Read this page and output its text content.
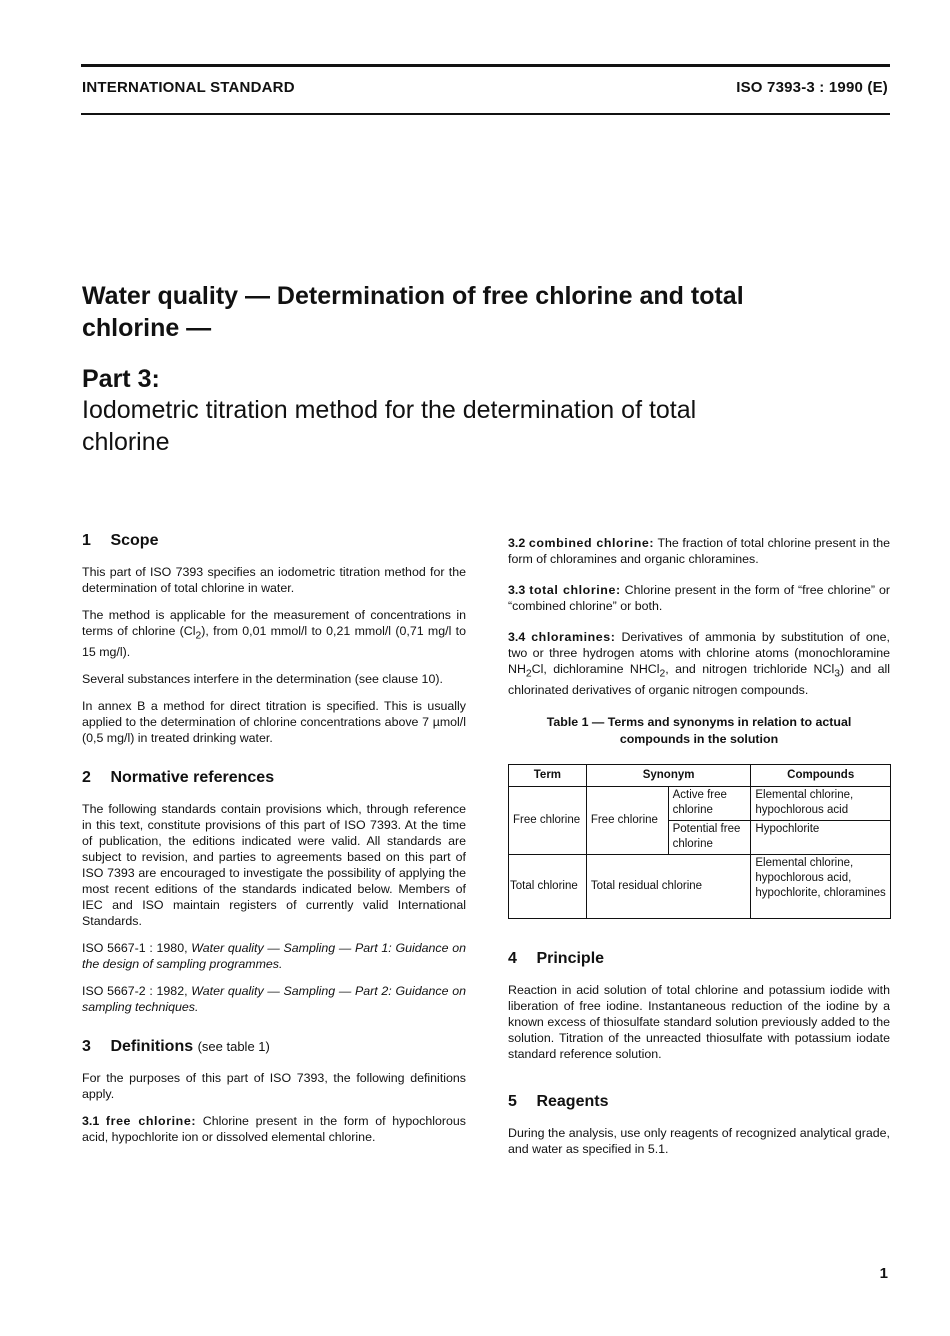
INTERNATIONAL STANDARD	ISO 7393-3 : 1990 (E)
Water quality — Determination of free chlorine and total
chlorine —
Part 3:
Iodometric titration method for the determination of total
chlorine
1 Scope

This part of ISO 7393 specifies an iodometric titration method for the determination of total chlorine in water.

The method is applicable for the measurement of concentrations in terms of chlorine $(Cl_2)$, from 0,01 mmol/l to 0,21 mmol/l (0,71 mg/l to 15 mg/l).

Several substances interfere in the determination (see clause 10).

In annex B a method for direct titration is specified. This is usually applied to the determination of chlorine concentrations above 7 µmol/l (0,5 mg/l) in treated drinking water.

2 Normative references

The following standards contain provisions which, through reference in this text, constitute provisions of this part of ISO 7393. At the time of publication, the editions indicated were valid. All standards are subject to revision, and parties to agreements based on this part of ISO 7393 are encouraged to investigate the possibility of applying the most recent editions of the standards indicated below. Members of IEC and ISO maintain registers of currently valid International Standards.

ISO 5667-1 : 1980, Water quality — Sampling — Part 1: Guidance on the design of sampling programmes.

ISO 5667-2 : 1982, Water quality — Sampling — Part 2: Guidance on sampling techniques.

3 Definitions (see table 1)

For the purposes of this part of ISO 7393, the following definitions apply.

3.1 free chlorine: Chlorine present in the form of hypochlorous acid, hypochlorite ion or dissolved elemental chlorine.

3.2 combined chlorine: The fraction of total chlorine present in the form of chloramines and organic chloramines.

3.3 total chlorine: Chlorine present in the form of “free chlorine” or “combined chlorine” or both.

3.4 chloramines: Derivatives of ammonia by substitution of one, two or three hydrogen atoms with chlorine atoms (monochloramine $NH_2Cl$, dichloramine NHCl$_2$, and nitrogen trichloride NCl$_3$) and all chlorinated derivatives of organic nitrogen compounds.

Table 1 — Terms and synonyms in relation to actual
compounds in the solution
Term	Synonym		Compounds
Free chlorine	Free chlorine	Active free chlorine	Elemental chlorine, hypochlorous acid
		Potential free chlorine	Hypochlorite
Total chlorine	Total residual chlorine		Elemental chlorine, hypochlorous acid, hypochlorite, chloramines
4 Principle

Reaction in acid solution of total chlorine and potassium iodide with liberation of free iodine. Instantaneous reduction of the iodine by a known excess of thiosulfate standard solution previously added to the solution. Titration of the unreacted thiosulfate with potassium iodate standard reference solution.

5 Reagents

During the analysis, use only reagents of recognized analytical grade, and water as specified in 5.1.

1
